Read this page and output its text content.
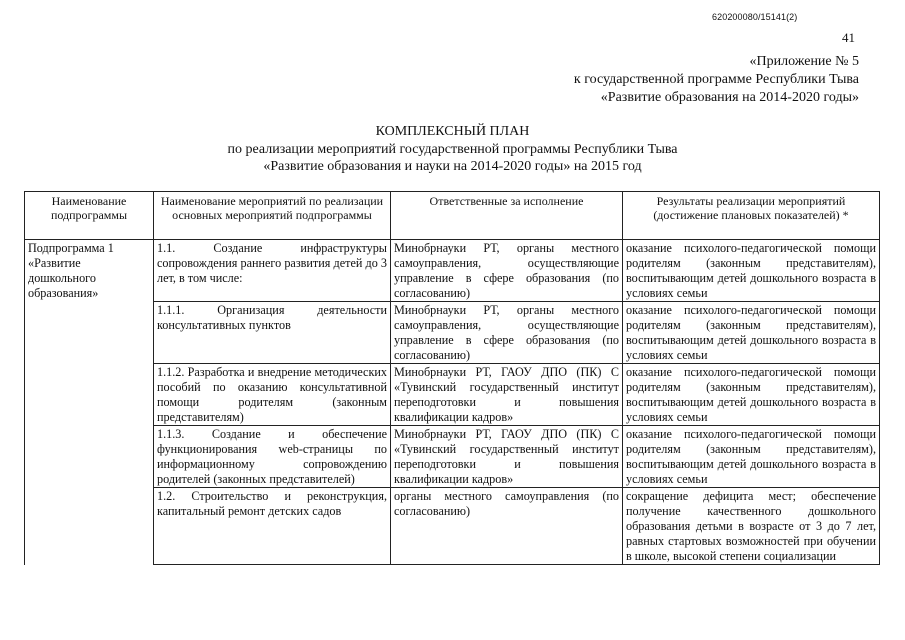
620200080/15141(2)
41
«Приложение № 5
к государственной программе Республики Тыва
«Развитие образования на 2014-2020 годы»
КОМПЛЕКСНЫЙ ПЛАН
по реализации мероприятий государственной программы Республики Тыва
«Развитие образования и науки на 2014-2020 годы» на 2015 год
Наименование подпрограммы	Наименование мероприятий по реализации основных мероприятий подпрограммы	Ответственные за исполнение	Результаты реализации мероприятий (достижение плановых показателей) *
Подпрограмма 1 «Развитие дошкольного образования»	1.1. Создание инфраструктуры сопровождения раннего развития детей до 3 лет, в том числе:	Минобрнауки РТ, органы местного самоуправления, осуществляющие управление в сфере образования (по согласованию)	оказание психолого-педагогической помощи родителям (законным представителям), воспитывающим детей дошкольного возраста в условиях семьи
	1.1.1. Организация деятельности консультативных пунктов	Минобрнауки РТ, органы местного самоуправления, осуществляющие управление в сфере образования (по согласованию)	оказание психолого-педагогической помощи родителям (законным представителям), воспитывающим детей дошкольного возраста в условиях семьи
	1.1.2. Разработка и внедрение методических пособий по оказанию консультативной помощи родителям (законным представителям)	Минобрнауки РТ, ГАОУ ДПО (ПК) С «Тувинский государственный институт переподготовки и повышения квалификации кадров»	оказание психолого-педагогической помощи родителям (законным представителям), воспитывающим детей дошкольного возраста в условиях семьи
	1.1.3. Создание и обеспечение функционирования web-страницы по информационному сопровождению родителей (законных представителей)	Минобрнауки РТ, ГАОУ ДПО (ПК) С «Тувинский государственный институт переподготовки и повышения квалификации кадров»	оказание психолого-педагогической помощи родителям (законным представителям), воспитывающим детей дошкольного возраста в условиях семьи
	1.2. Строительство и реконструкция, капитальный ремонт детских садов	органы местного самоуправления (по согласованию)	сокращение дефицита мест; обеспечение получение качественного дошкольного образования детьми в возрасте от 3 до 7 лет, равных стартовых возможностей при обучении в школе, высокой степени социализации
